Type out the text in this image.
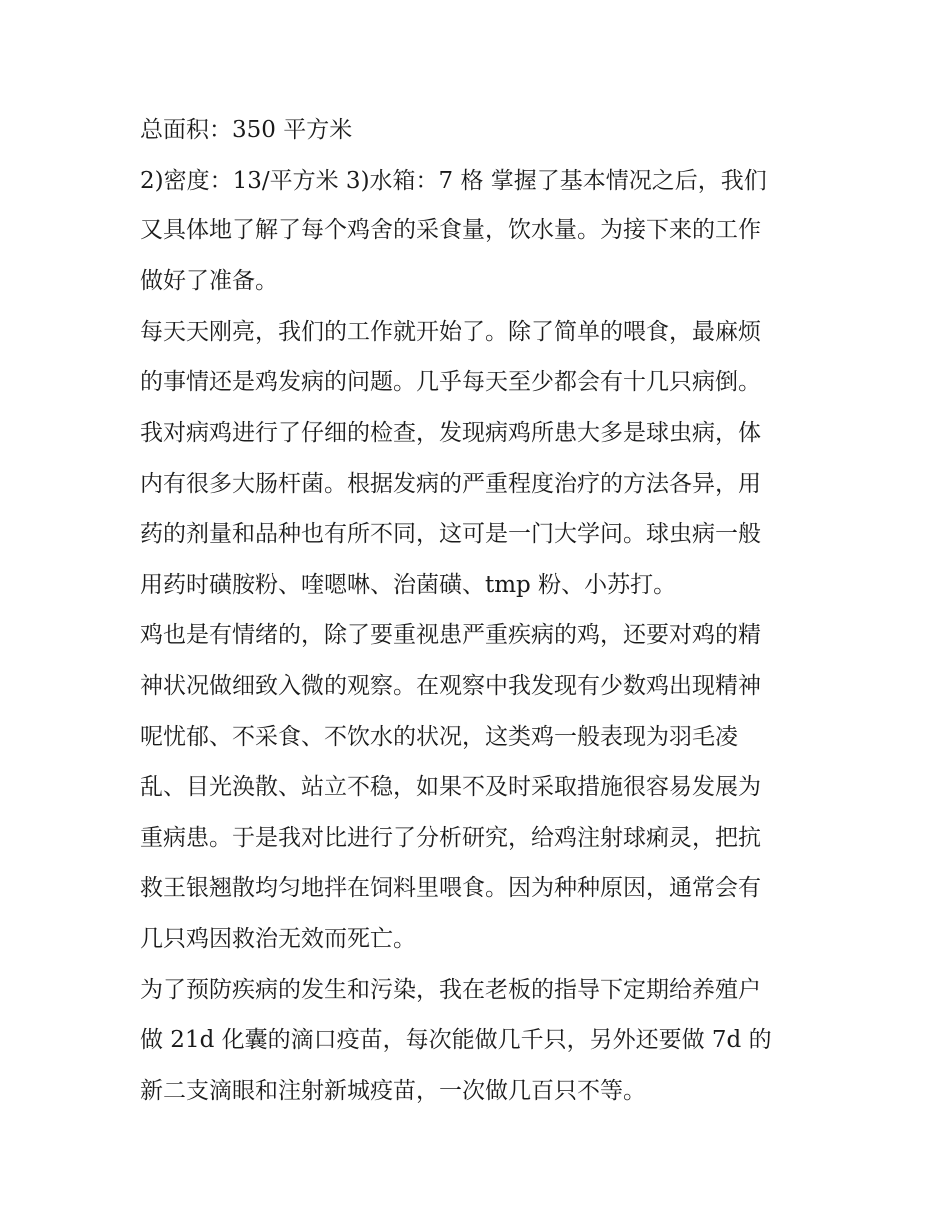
总面积：350 平方米
2)密度：13/平方米 3)水箱：7 格 掌握了基本情况之后，我们
又具体地了解了每个鸡舍的采食量，饮水量。为接下来的工作
做好了准备。
每天天刚亮，我们的工作就开始了。除了简单的喂食，最麻烦
的事情还是鸡发病的问题。几乎每天至少都会有十几只病倒。
我对病鸡进行了仔细的检查，发现病鸡所患大多是球虫病，体
内有很多大肠杆菌。根据发病的严重程度治疗的方法各异，用
药的剂量和品种也有所不同，这可是一门大学问。球虫病一般
用药时磺胺粉、喹嗯啉、治菌磺、tmp 粉、小苏打。
鸡也是有情绪的，除了要重视患严重疾病的鸡，还要对鸡的精
神状况做细致入微的观察。在观察中我发现有少数鸡出现精神
呢忧郁、不采食、不饮水的状况，这类鸡一般表现为羽毛凌
乱、目光涣散、站立不稳，如果不及时采取措施很容易发展为
重病患。于是我对比进行了分析研究，给鸡注射球痢灵，把抗
救王银翘散均匀地拌在饲料里喂食。因为种种原因，通常会有
几只鸡因救治无效而死亡。
为了预防疾病的发生和污染，我在老板的指导下定期给养殖户
做 21d 化囊的滴口疫苗，每次能做几千只，另外还要做 7d 的
新二支滴眼和注射新城疫苗，一次做几百只不等。
